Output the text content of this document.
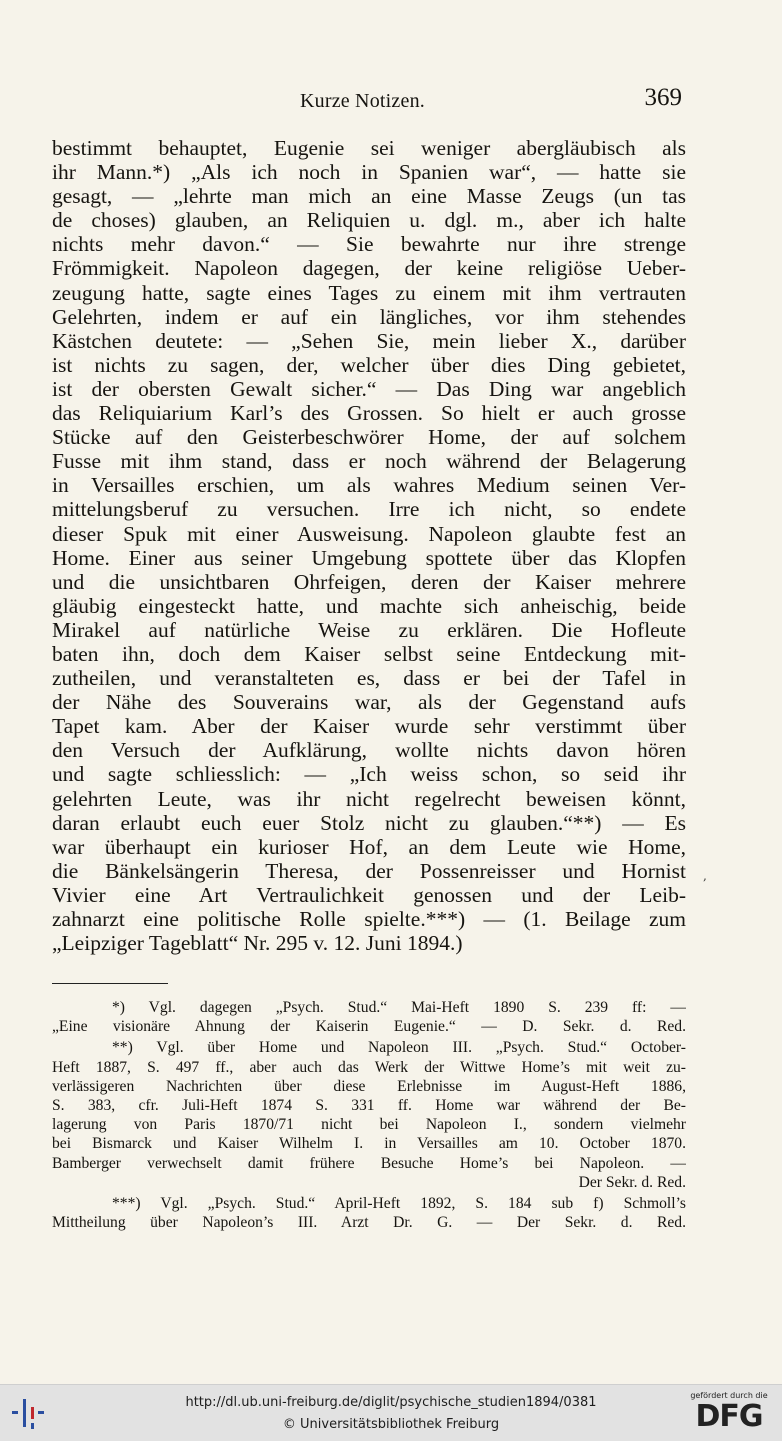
Kurze Notizen.	369
bestimmt behauptet, Eugenie sei weniger abergläubisch als
ihr Mann.*) „Als ich noch in Spanien war“, — hatte sie
gesagt, — „lehrte man mich an eine Masse Zeugs (un tas
de choses) glauben, an Reliquien u. dgl. m., aber ich halte
nichts mehr davon.“ — Sie bewahrte nur ihre strenge
Frömmigkeit. Napoleon dagegen, der keine religiöse Ueber-
zeugung hatte, sagte eines Tages zu einem mit ihm vertrauten
Gelehrten, indem er auf ein längliches, vor ihm stehendes
Kästchen deutete: — „Sehen Sie, mein lieber X., darüber
ist nichts zu sagen, der, welcher über dies Ding gebietet,
ist der obersten Gewalt sicher.“ — Das Ding war angeblich
das Reliquiarium Karl’s des Grossen. So hielt er auch grosse
Stücke auf den Geisterbeschwörer Home, der auf solchem
Fusse mit ihm stand, dass er noch während der Belagerung
in Versailles erschien, um als wahres Medium seinen Ver-
mittelungsberuf zu versuchen. Irre ich nicht, so endete
dieser Spuk mit einer Ausweisung. Napoleon glaubte fest an
Home. Einer aus seiner Umgebung spottete über das Klopfen
und die unsichtbaren Ohrfeigen, deren der Kaiser mehrere
gläubig eingesteckt hatte, und machte sich anheischig, beide
Mirakel auf natürliche Weise zu erklären. Die Hofleute
baten ihn, doch dem Kaiser selbst seine Entdeckung mit-
zutheilen, und veranstalteten es, dass er bei der Tafel in
der Nähe des Souverains war, als der Gegenstand aufs
Tapet kam. Aber der Kaiser wurde sehr verstimmt über
den Versuch der Aufklärung, wollte nichts davon hören
und sagte schliesslich: — „Ich weiss schon, so seid ihr
gelehrten Leute, was ihr nicht regelrecht beweisen könnt,
daran erlaubt euch euer Stolz nicht zu glauben.“**) — Es
war überhaupt ein kurioser Hof, an dem Leute wie Home,
die Bänkelsängerin Theresa, der Possenreisser und Hornist
Vivier eine Art Vertraulichkeit genossen und der Leib-
zahnarzt eine politische Rolle spielte.***) — (1. Beilage zum
„Leipziger Tageblatt“ Nr. 295 v. 12. Juni 1894.)
,
*) Vgl. dagegen „Psych. Stud.“ Mai-Heft 1890 S. 239 ff: —
„Eine visionäre Ahnung der Kaiserin Eugenie.“ — D. Sekr. d. Red.
**) Vgl. über Home und Napoleon III. „Psych. Stud.“ October-
Heft 1887, S. 497 ff., aber auch das Werk der Wittwe Home’s mit weit zu-
verlässigeren Nachrichten über diese Erlebnisse im August-Heft 1886,
S. 383, cfr. Juli-Heft 1874 S. 331 ff. Home war während der Be-
lagerung von Paris 1870/71 nicht bei Napoleon I., sondern vielmehr
bei Bismarck und Kaiser Wilhelm I. in Versailles am 10. October 1870.
Bamberger verwechselt damit frühere Besuche Home’s bei Napoleon. —
Der Sekr. d. Red.
***) Vgl. „Psych. Stud.“ April-Heft 1892, S. 184 sub f) Schmoll’s
Mittheilung über Napoleon’s III. Arzt Dr. G. — Der Sekr. d. Red.
http://dl.ub.uni-freiburg.de/diglit/psychische_studien1894/0381
© Universitätsbibliothek Freiburg
gefördert durch die
DFG
